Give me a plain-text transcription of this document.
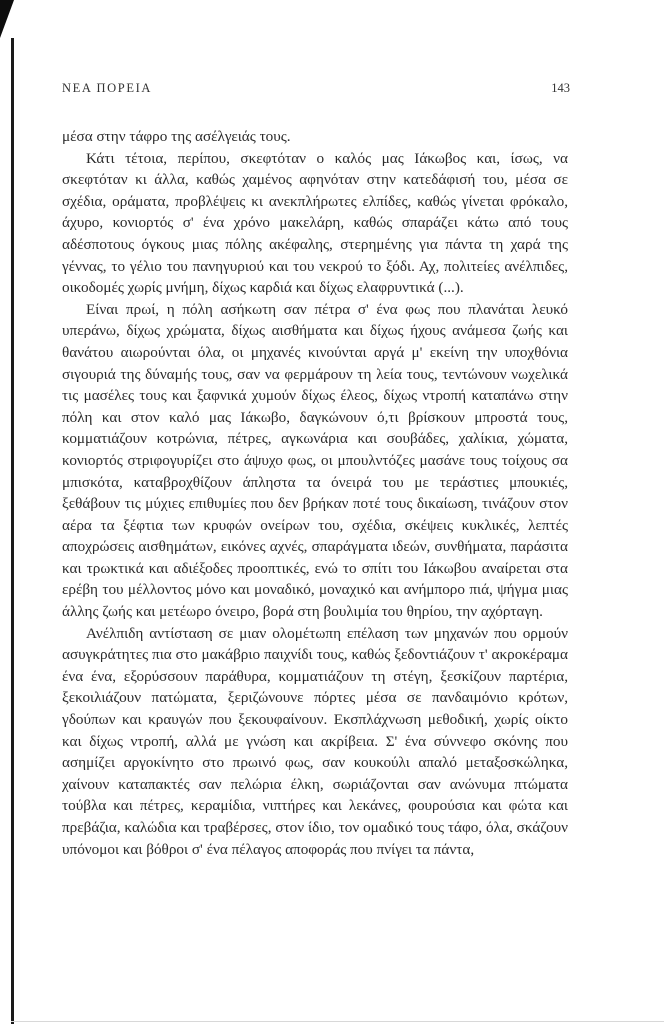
ΝΕΑ ΠΟΡΕΙΑ	143

μέσα στην τάφρο της ασέλγειάς τους.

Κάτι τέτοια, περίπου, σκεφτόταν ο καλός μας Ιάκωβος και, ίσως, να σκεφτόταν κι άλλα, καθώς χαμένος αφηνόταν στην κατεδάφισή του, μέσα σε σχέδια, οράματα, προβλέψεις κι ανεκπλήρωτες ελπίδες, καθώς γίνεται φρόκαλο, άχυρο, κονιορτός σ' ένα χρόνο μακελάρη, καθώς σπαράζει κάτω από τους αδέσποτους όγκους μιας πόλης ακέφαλης, στερημένης για πάντα τη χαρά της γέννας, το γέλιο του πανηγυριού και του νεκρού το ξόδι. Αχ, πολιτείες ανέλπιδες, οικοδομές χωρίς μνήμη, δίχως καρδιά και δίχως ελαφρυντικά (...).

Είναι πρωί, η πόλη ασήκωτη σαν πέτρα σ' ένα φως που πλανάται λευκό υπεράνω, δίχως χρώματα, δίχως αισθήματα και δίχως ήχους ανάμεσα ζωής και θανάτου αιωρούνται όλα, οι μηχανές κινούνται αργά μ' εκείνη την υποχθόνια σιγουριά της δύναμής τους, σαν να φερμάρουν τη λεία τους, τεντώνουν νωχελικά τις μασέλες τους και ξαφνικά χυμούν δίχως έλεος, δίχως ντροπή καταπάνω στην πόλη και στον καλό μας Ιάκωβο, δαγκώνουν ό,τι βρίσκουν μπροστά τους, κομματιάζουν κοτρώνια, πέτρες, αγκωνάρια και σουβάδες, χαλίκια, χώματα, κονιορτός στριφογυρίζει στο άψυχο φως, οι μπουλντόζες μασάνε τους τοίχους σα μπισκότα, καταβροχθίζουν άπληστα τα όνειρά του με τεράστιες μπουκιές, ξεθάβουν τις μύχιες επιθυμίες που δεν βρήκαν ποτέ τους δικαίωση, τινάζουν στον αέρα τα ξέφτια των κρυφών ονείρων του, σχέδια, σκέψεις κυκλικές, λεπτές αποχρώσεις αισθημάτων, εικόνες αχνές, σπαράγματα ιδεών, συνθήματα, παράσιτα και τρωκτικά και αδιέξοδες προοπτικές, ενώ το σπίτι του Ιάκωβου αναίρεται στα ερέβη του μέλλοντος μόνο και μοναδικό, μοναχικό και ανήμπορο πιά, ψήγμα μιας άλλης ζωής και μετέωρο όνειρο, βορά στη βουλιμία του θηρίου, την αχόρταγη.

Ανέλπιδη αντίσταση σε μιαν ολομέτωπη επέλαση των μηχανών που ορμούν ασυγκράτητες πια στο μακάβριο παιχνίδι τους, καθώς ξεδοντιάζουν τ' ακροκέραμα ένα ένα, εξορύσσουν παράθυρα, κομματιάζουν τη στέγη, ξεσκίζουν παρτέρια, ξεκοιλιάζουν πατώματα, ξεριζώνουνε πόρτες μέσα σε πανδαιμόνιο κρότων, γδούπων και κραυγών που ξεκουφαίνουν. Εκσπλάχνωση μεθοδική, χωρίς οίκτο και δίχως ντροπή, αλλά με γνώση και ακρίβεια. Σ' ένα σύννεφο σκόνης που ασημίζει αργοκίνητο στο πρωινό φως, σαν κουκούλι απαλό μεταξοσκώληκα, χαίνουν καταπακτές σαν πελώρια έλκη, σωριάζονται σαν ανώνυμα πτώματα τούβλα και πέτρες, κεραμίδια, νιπτήρες και λεκάνες, φουρούσια και φώτα και πρεβάζια, καλώδια και τραβέρσες, στον ίδιο, τον ομαδικό τους τάφο, όλα, σκάζουν υπόνομοι και βόθροι σ' ένα πέλαγος αποφοράς που πνίγει τα πάντα,
